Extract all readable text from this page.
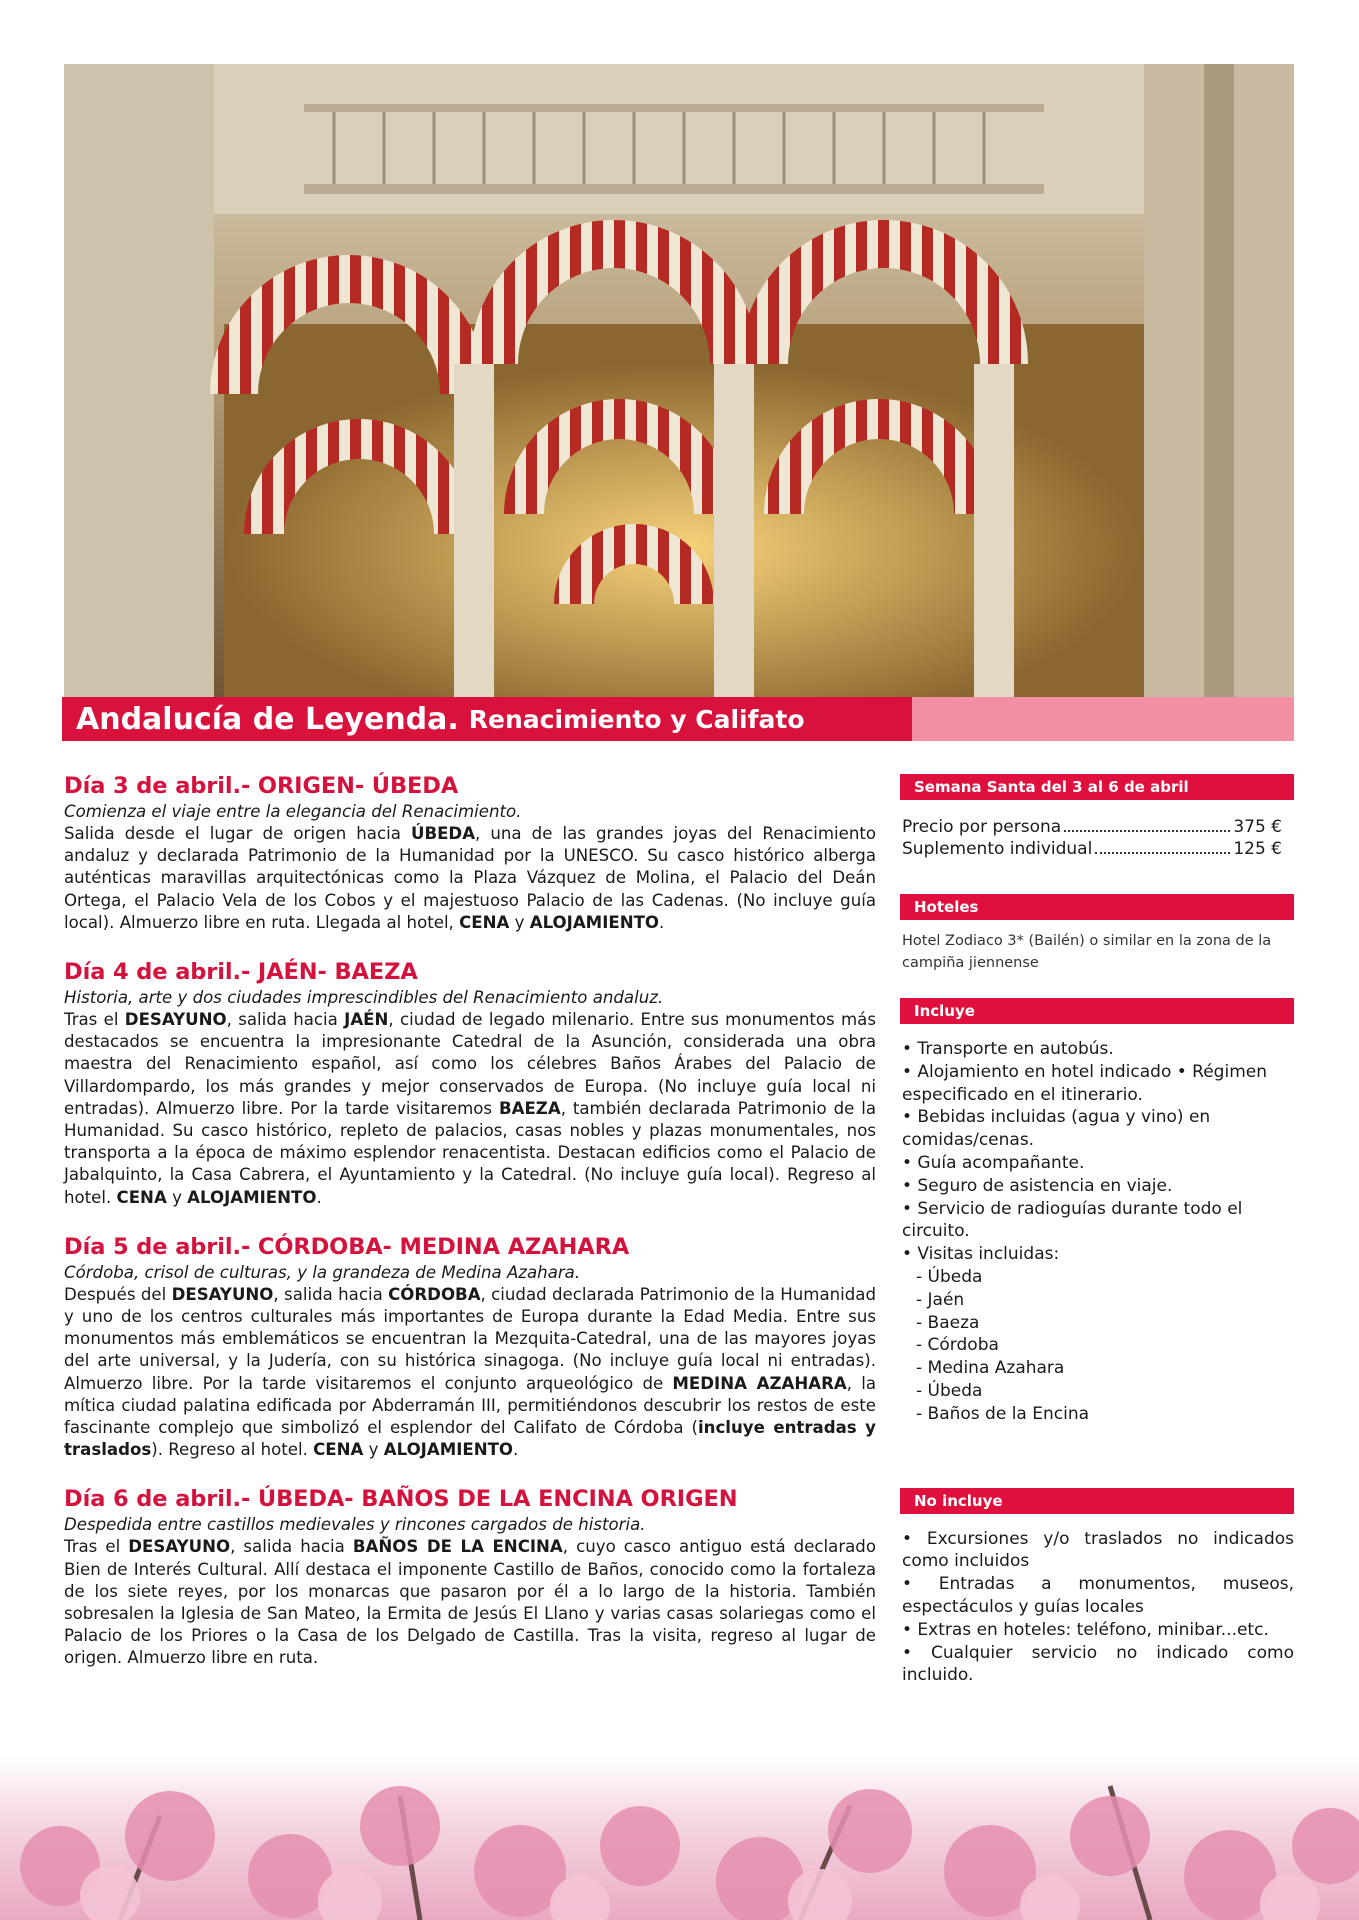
Andalucía de Leyenda. Renacimiento y Califato
Día 3 de abril.- ORIGEN- ÚBEDA
Comienza el viaje entre la elegancia del Renacimiento.

Salida desde el lugar de origen hacia ÚBEDA, una de las grandes joyas del Renacimiento andaluz y declarada Patrimonio de la Humanidad por la UNESCO. Su casco histórico alberga auténticas maravillas arquitectónicas como la Plaza Vázquez de Molina, el Palacio del Deán Ortega, el Palacio Vela de los Cobos y el majestuoso Palacio de las Cadenas. (No incluye guía local). Almuerzo libre en ruta. Llegada al hotel, CENA y ALOJAMIENTO.

Día 4 de abril.- JAÉN- BAEZA
Historia, arte y dos ciudades imprescindibles del Renacimiento andaluz.

Tras el DESAYUNO, salida hacia JAÉN, ciudad de legado milenario. Entre sus monumentos más destacados se encuentra la impresionante Catedral de la Asunción, considerada una obra maestra del Renacimiento español, así como los célebres Baños Árabes del Palacio de Villardompardo, los más grandes y mejor conservados de Europa. (No incluye guía local ni entradas). Almuerzo libre. Por la tarde visitaremos BAEZA, también declarada Patrimonio de la Humanidad. Su casco histórico, repleto de palacios, casas nobles y plazas monumentales, nos transporta a la época de máximo esplendor renacentista. Destacan edificios como el Palacio de Jabalquinto, la Casa Cabrera, el Ayuntamiento y la Catedral. (No incluye guía local). Regreso al hotel. CENA y ALOJAMIENTO.

Día 5 de abril.- CÓRDOBA- MEDINA AZAHARA
Córdoba, crisol de culturas, y la grandeza de Medina Azahara.

Después del DESAYUNO, salida hacia CÓRDOBA, ciudad declarada Patrimonio de la Humanidad y uno de los centros culturales más importantes de Europa durante la Edad Media. Entre sus monumentos más emblemáticos se encuentran la Mezquita-Catedral, una de las mayores joyas del arte universal, y la Judería, con su histórica sinagoga. (No incluye guía local ni entradas). Almuerzo libre. Por la tarde visitaremos el conjunto arqueológico de MEDINA AZAHARA, la mítica ciudad palatina edificada por Abderramán III, permitiéndonos descubrir los restos de este fascinante complejo que simbolizó el esplendor del Califato de Córdoba (incluye entradas y traslados). Regreso al hotel. CENA y ALOJAMIENTO.

Día 6 de abril.- ÚBEDA- BAÑOS DE LA ENCINA ORIGEN
Despedida entre castillos medievales y rincones cargados de historia.

Tras el DESAYUNO, salida hacia BAÑOS DE LA ENCINA, cuyo casco antiguo está declarado Bien de Interés Cultural. Allí destaca el imponente Castillo de Baños, conocido como la fortaleza de los siete reyes, por los monarcas que pasaron por él a lo largo de la historia. También sobresalen la Iglesia de San Mateo, la Ermita de Jesús El Llano y varias casas solariegas como el Palacio de los Priores o la Casa de los Delgado de Castilla. Tras la visita, regreso al lugar de origen. Almuerzo libre en ruta.

Semana Santa del 3 al 6 de abril
Precio por persona	375 €
Suplemento individual	125 €
Hoteles
Hotel Zodiaco 3* (Bailén) o similar en la zona de la campiña jiennense
Incluye
• Transporte en autobús.
• Alojamiento en hotel indicado • Régimen especificado en el itinerario.
• Bebidas incluidas (agua y vino) en comidas/cenas.
• Guía acompañante.
• Seguro de asistencia en viaje.
• Servicio de radioguías durante todo el circuito.
• Visitas incluidas:
- Úbeda
- Jaén
- Baeza
- Córdoba
- Medina Azahara
- Úbeda
- Baños de la Encina
No incluye
• Excursiones y/o traslados no indicados como incluidos
• Entradas a monumentos, museos, espectáculos y guías locales
• Extras en hoteles: teléfono, minibar...etc.
• Cualquier servicio no indicado como incluido.
